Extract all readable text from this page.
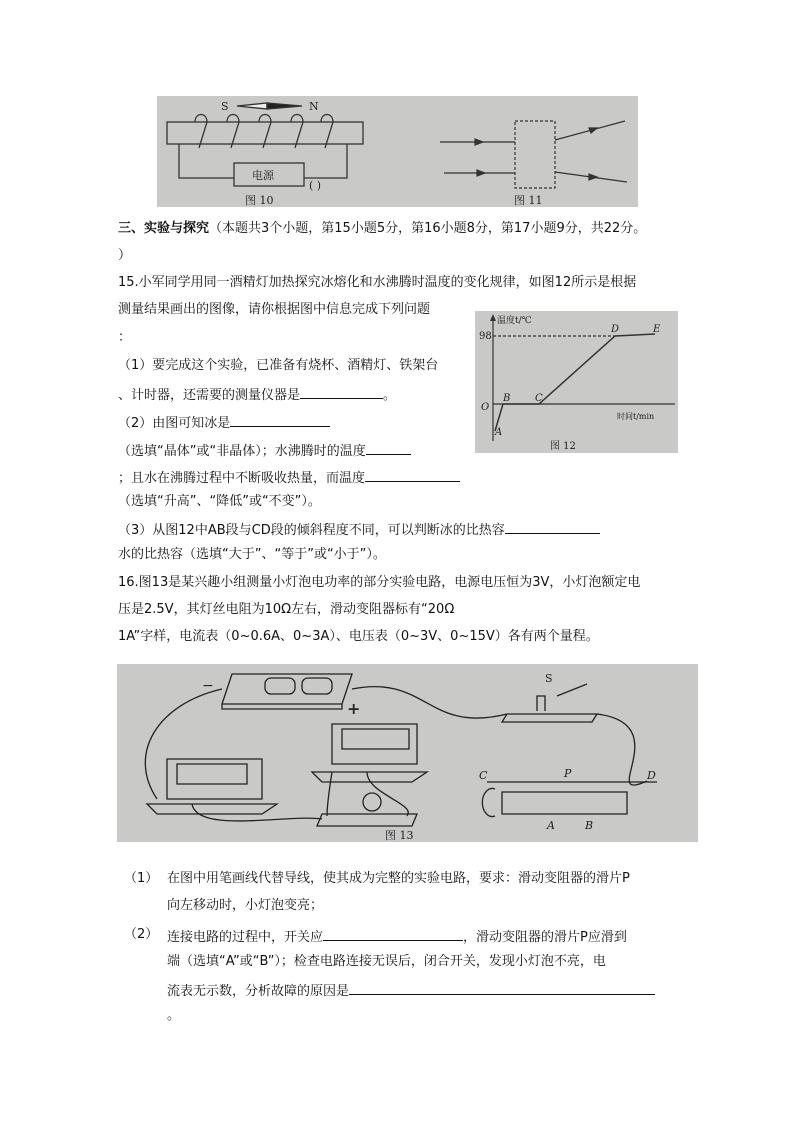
S	N
电源
( )
图 10	图 11
三、实验与探究（本题共3个小题，第15小题5分，第16小题8分，第17小题9分，共22分。
）
15.小军同学用同一酒精灯加热探究冰熔化和水沸腾时温度的变化规律，如图12所示是根据
测量结果画出的图像，请你根据图中信息完成下列问题
：
温度t/℃
98
O
A
B C
D	E
时间t/min
图 12
（1）要完成这个实验，已准备有烧杯、酒精灯、铁架台
、计时器，还需要的测量仪器是	。
（2）由图可知冰是
（选填“晶体”或“非晶体）；水沸腾时的温度
；且水在沸腾过程中不断吸收热量，而温度
（选填“升高”、“降低”或“不变”）。
（3）从图12中AB段与CD段的倾斜程度不同，可以判断冰的比热容
水的比热容（选填“大于”、“等于”或“小于”）。
16.图13是某兴趣小组测量小灯泡电功率的部分实验电路，电源电压恒为3V，小灯泡额定电
压是2.5V，其灯丝电阻为10Ω左右，滑动变阻器标有“20Ω
1A”字样，电流表（0~0.6A、0~3A）、电压表（0~3V、0~15V）各有两个量程。
−
+
S
C	P	D
A	B
图 13
（1） 在图中用笔画线代替导线，使其成为完整的实验电路，要求：滑动变阻器的滑片P
向左移动时，小灯泡变亮；
（2） 连接电路的过程中，开关应	，滑动变阻器的滑片P应滑到
端（选填“A”或“B”）；检查电路连接无误后，闭合开关，发现小灯泡不亮，电
流表无示数，分析故障的原因是
。
